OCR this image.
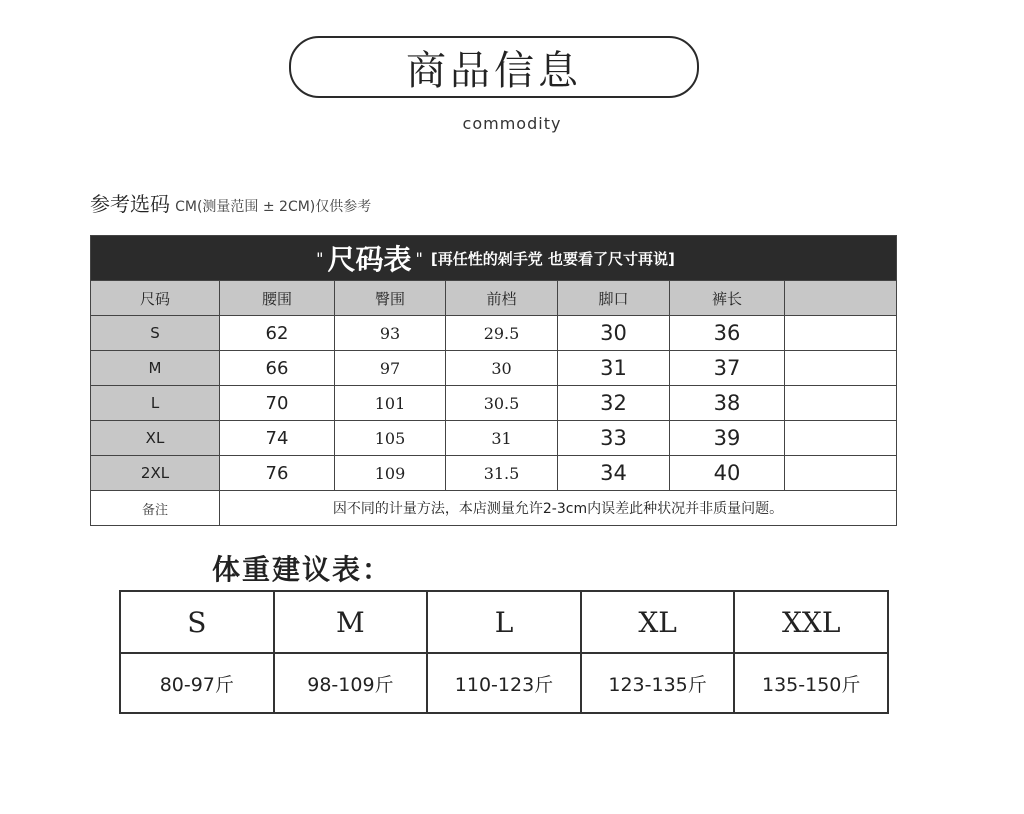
商品信息
commodity
参考选码 CM(测量范围 ± 2CM)仅供参考
" 尺码表 " [再任性的剁手党 也要看了尺寸再说]						
尺码	腰围	臀围	前档	脚口	裤长	
S	62	93	29.5	30	36	
M	66	97	30	31	37	
L	70	101	30.5	32	38	
XL	74	105	31	33	39	
2XL	76	109	31.5	34	40	
备注	因不同的计量方法，本店测量允许2-3cm内误差此种状况并非质量问题。					
体重建议表：
S	M	L	XL	XXL
80-97斤	98-109斤	110-123斤	123-135斤	135-150斤
